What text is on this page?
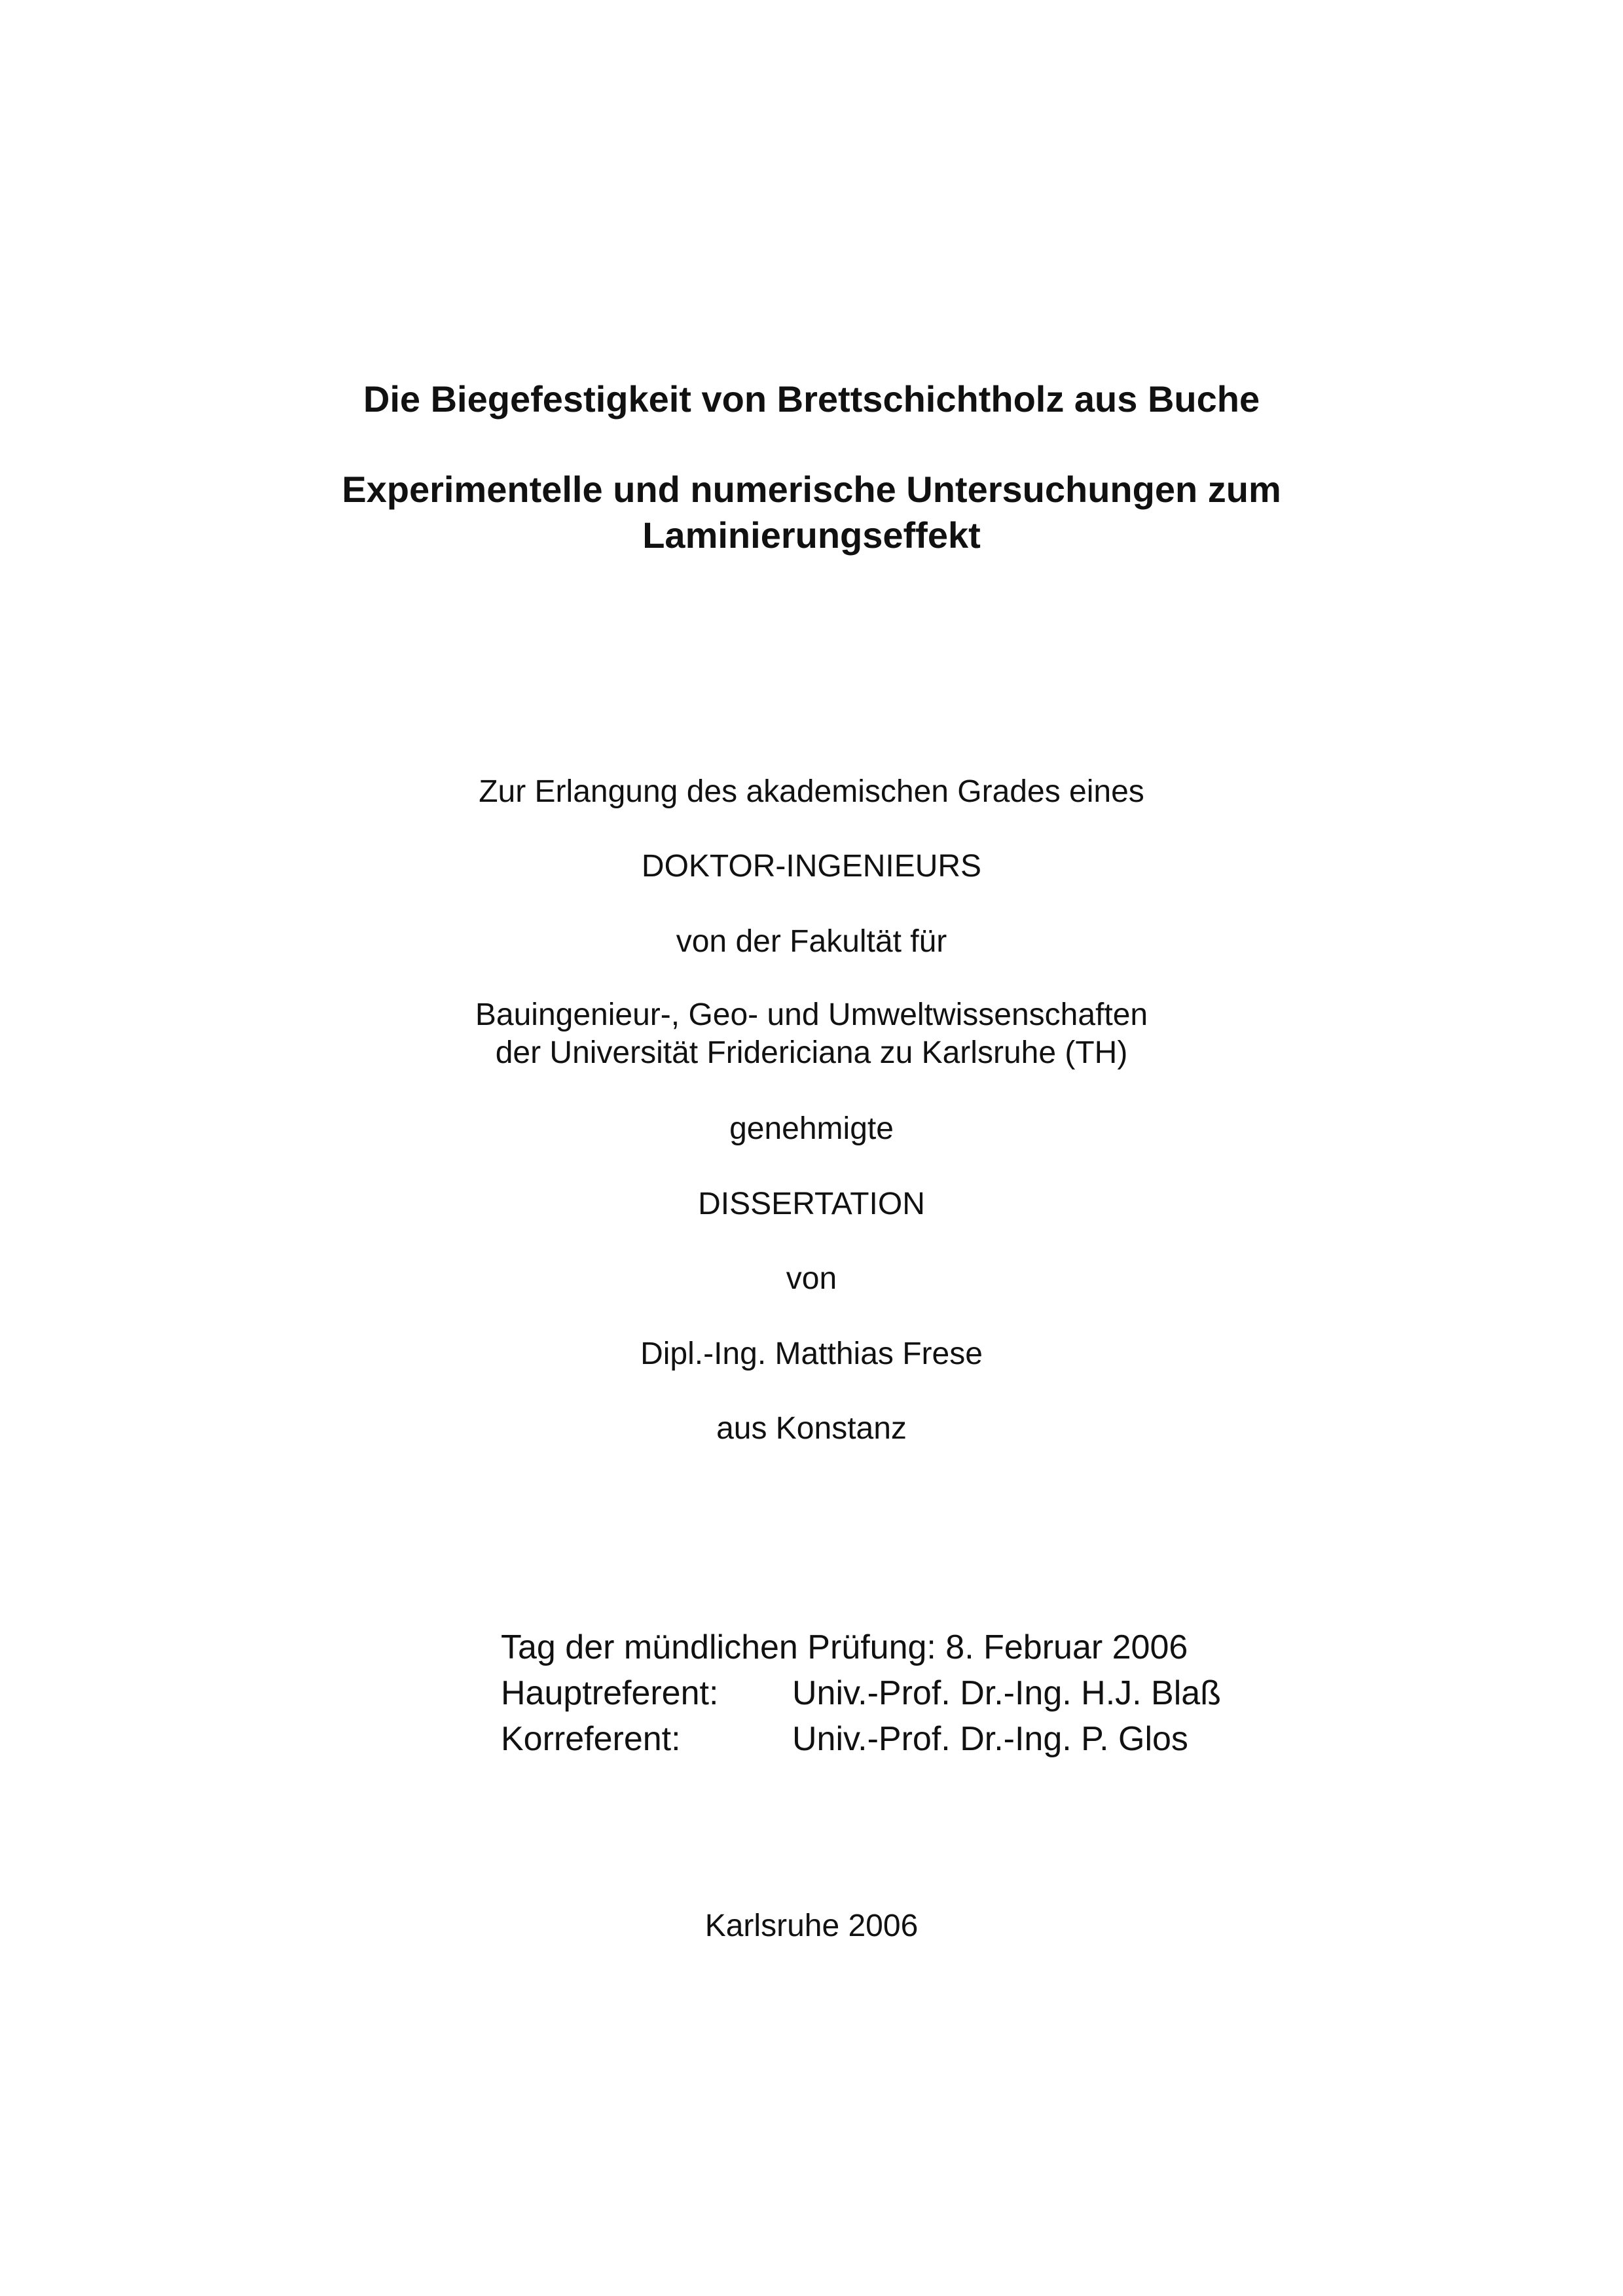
Die Biegefestigkeit von Brettschichtholz aus Buche
Experimentelle und numerische Untersuchungen zum
Laminierungseffekt
Zur Erlangung des akademischen Grades eines
DOKTOR-INGENIEURS
von der Fakultät für
Bauingenieur-, Geo- und Umweltwissenschaften
der Universität Fridericiana zu Karlsruhe (TH)
genehmigte
DISSERTATION
von
Dipl.-Ing. Matthias Frese
aus Konstanz
Tag der mündlichen Prüfung: 8. Februar 2006
Hauptreferent: Univ.-Prof. Dr.-Ing. H.J. Blaß
Korreferent:	Univ.-Prof. Dr.-Ing. P. Glos
Karlsruhe 2006
